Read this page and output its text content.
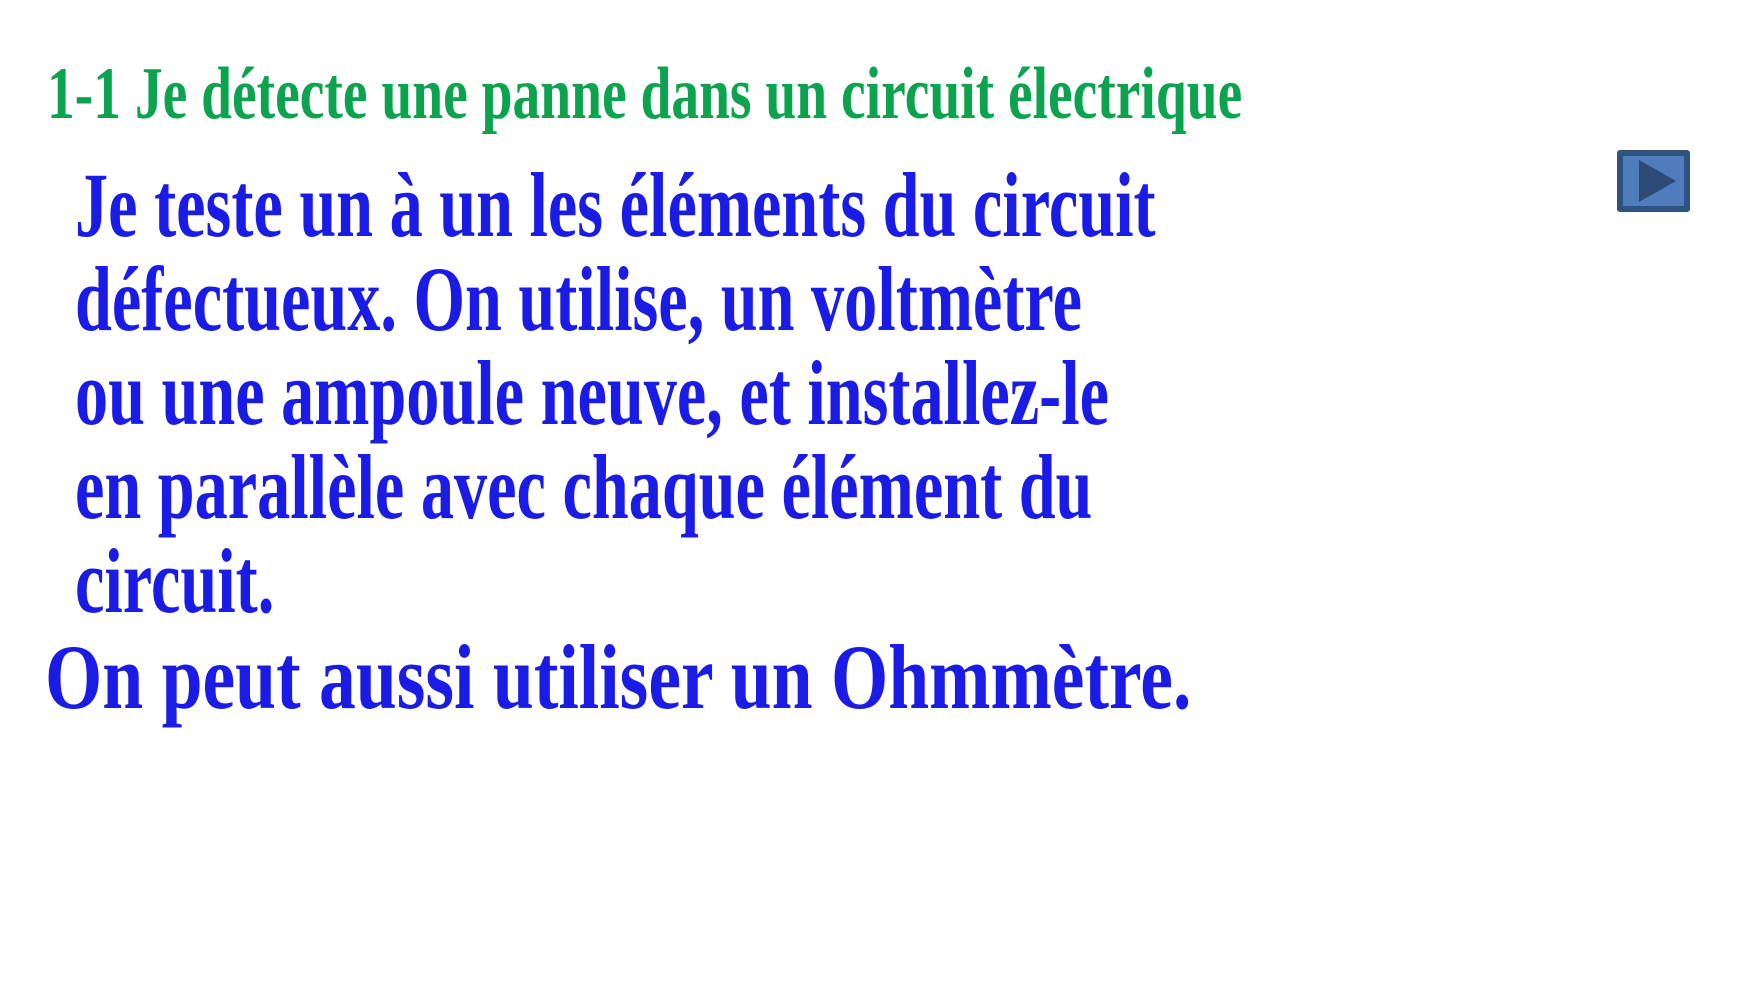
1-1 Je détecte une panne dans un circuit électrique
Je teste un à un les éléments du circuit
défectueux. On utilise, un voltmètre
ou une ampoule neuve, et installez-le
en parallèle avec chaque élément du
circuit.
On peut aussi utiliser un Ohmmètre.
